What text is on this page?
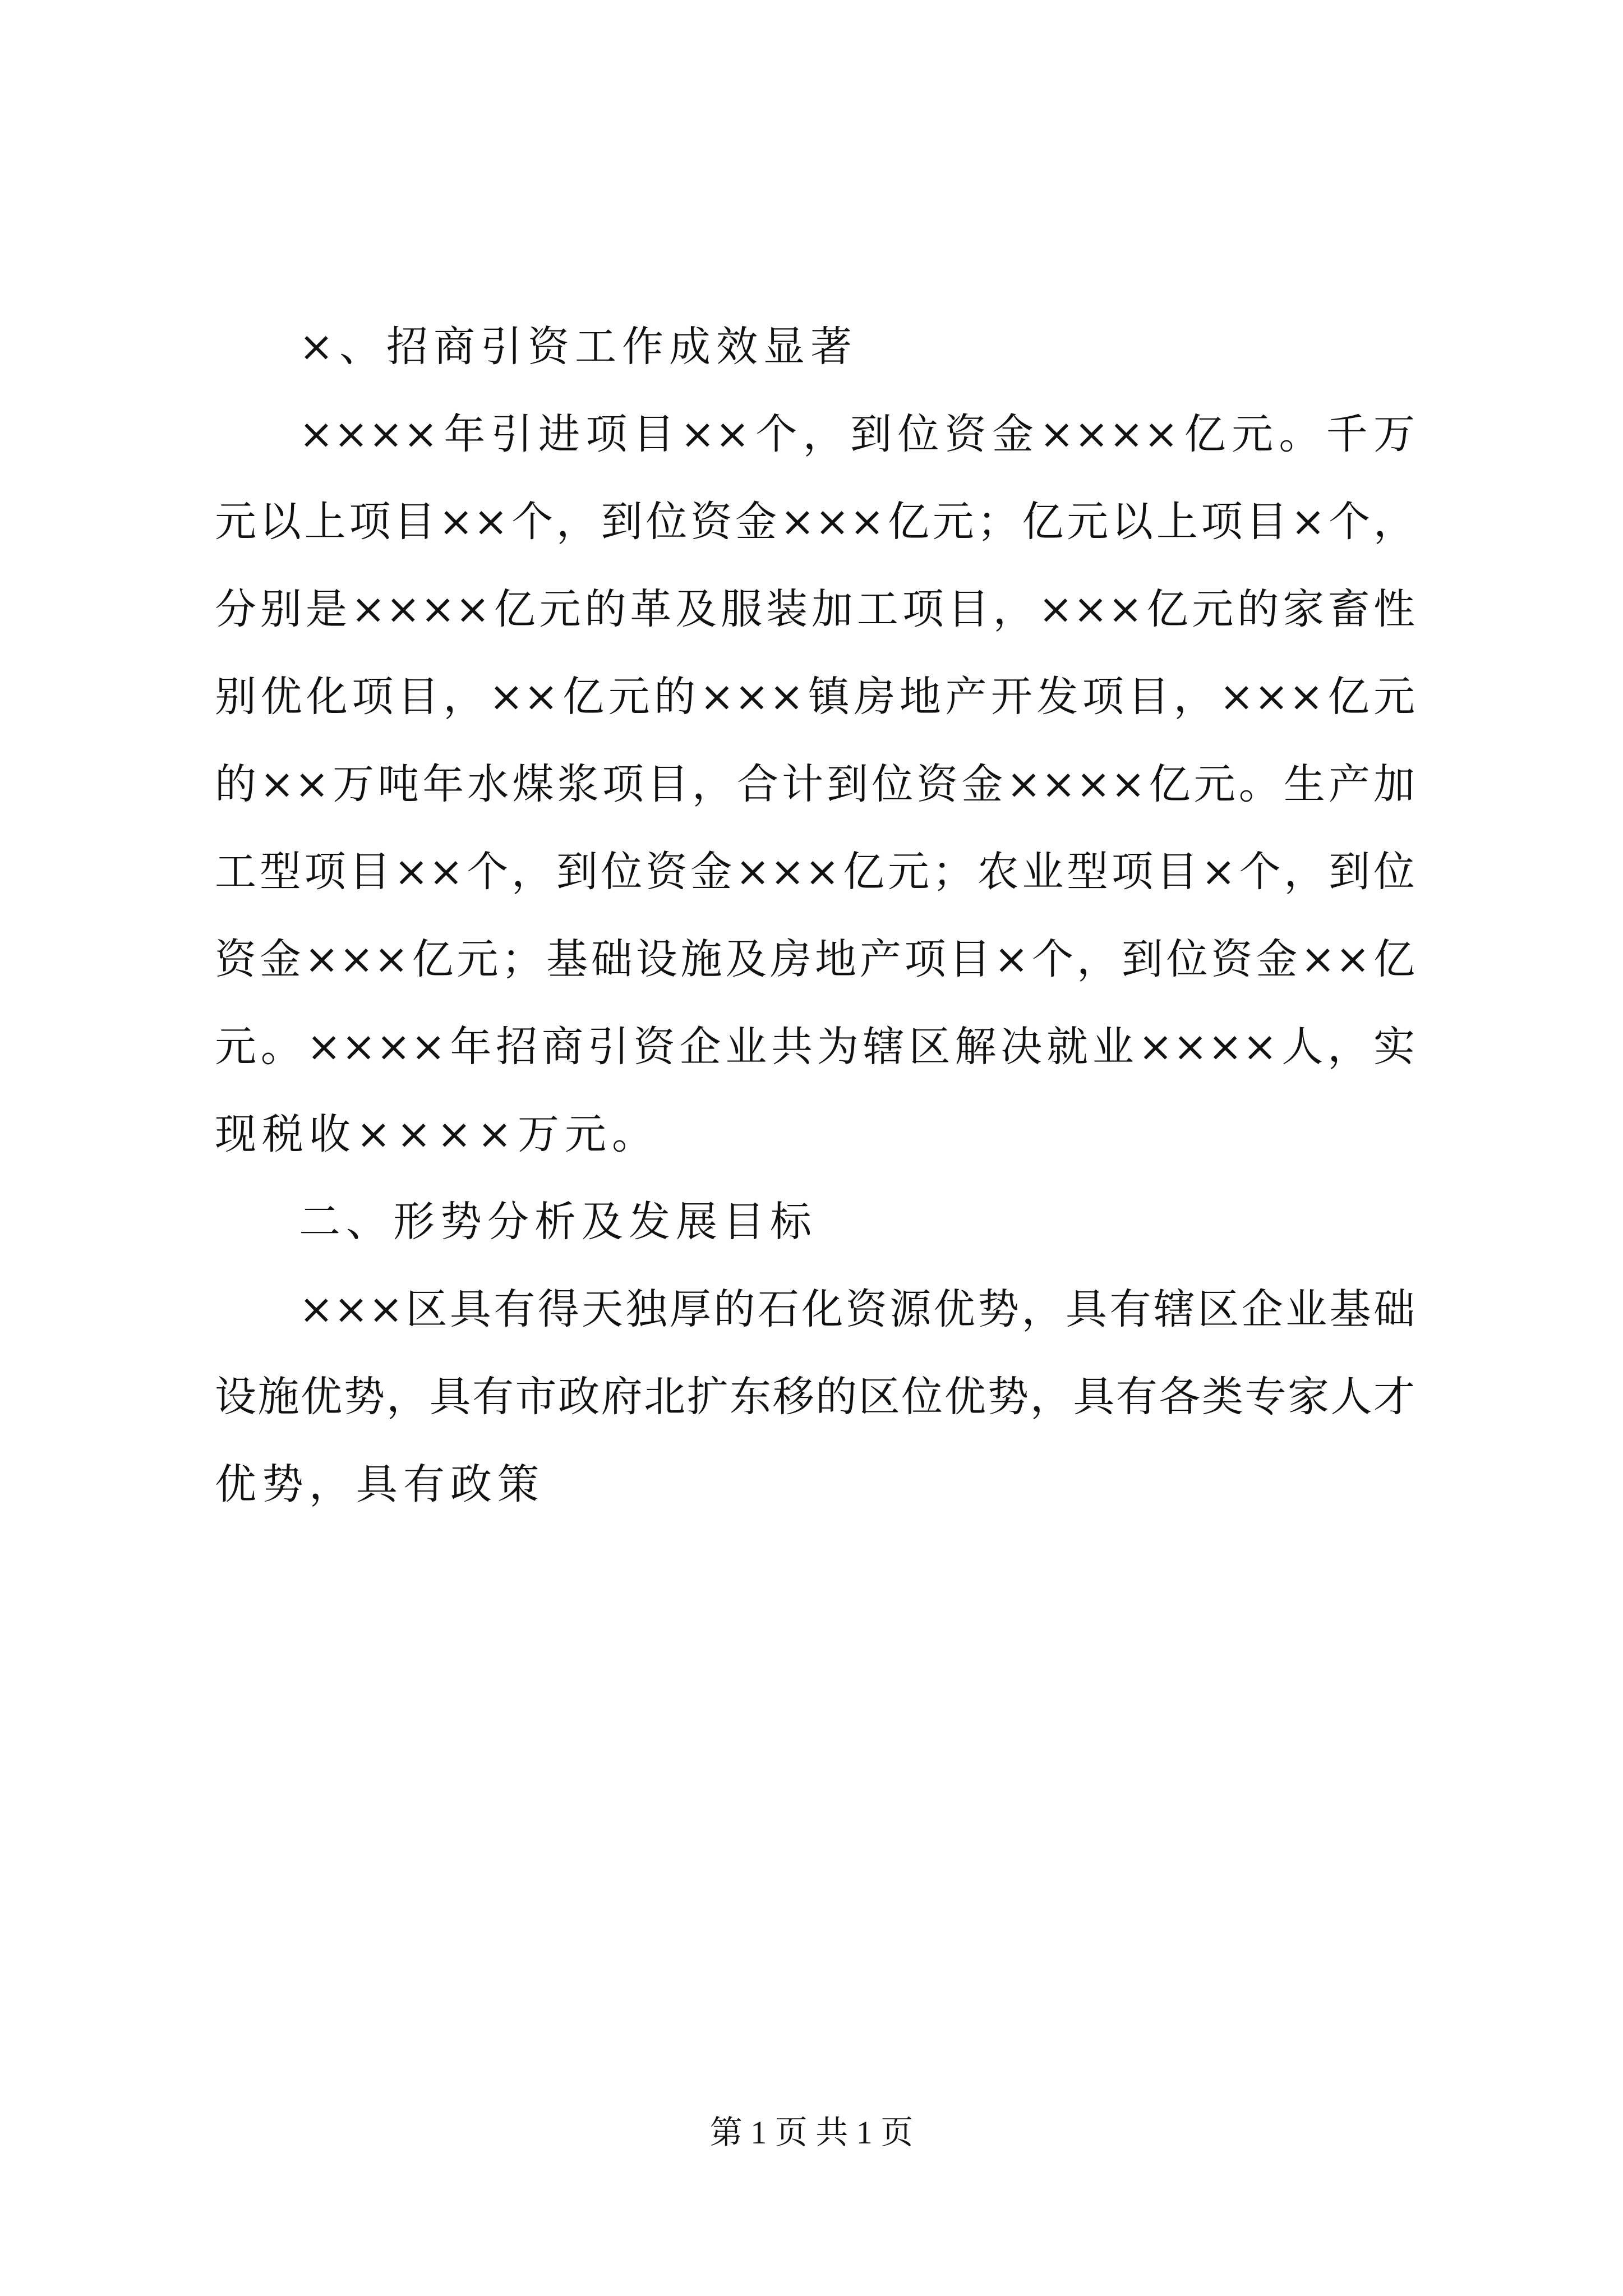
×、招商引资工作成效显著
××××年引进项目××个，到位资金××××亿元。千万
元以上项目××个，到位资金×××亿元；亿元以上项目×个，
分别是××××亿元的革及服装加工项目，×××亿元的家畜性
别优化项目，××亿元的×××镇房地产开发项目，×××亿元
的××万吨年水煤浆项目，合计到位资金××××亿元。生产加
工型项目××个，到位资金×××亿元；农业型项目×个，到位
资金×××亿元；基础设施及房地产项目×个，到位资金××亿
元。××××年招商引资企业共为辖区解决就业××××人，实
现税收××××万元。
二、形势分析及发展目标
×××区具有得天独厚的石化资源优势，具有辖区企业基础
设施优势，具有市政府北扩东移的区位优势，具有各类专家人才
优势，具有政策
第 1 页 共 1 页
